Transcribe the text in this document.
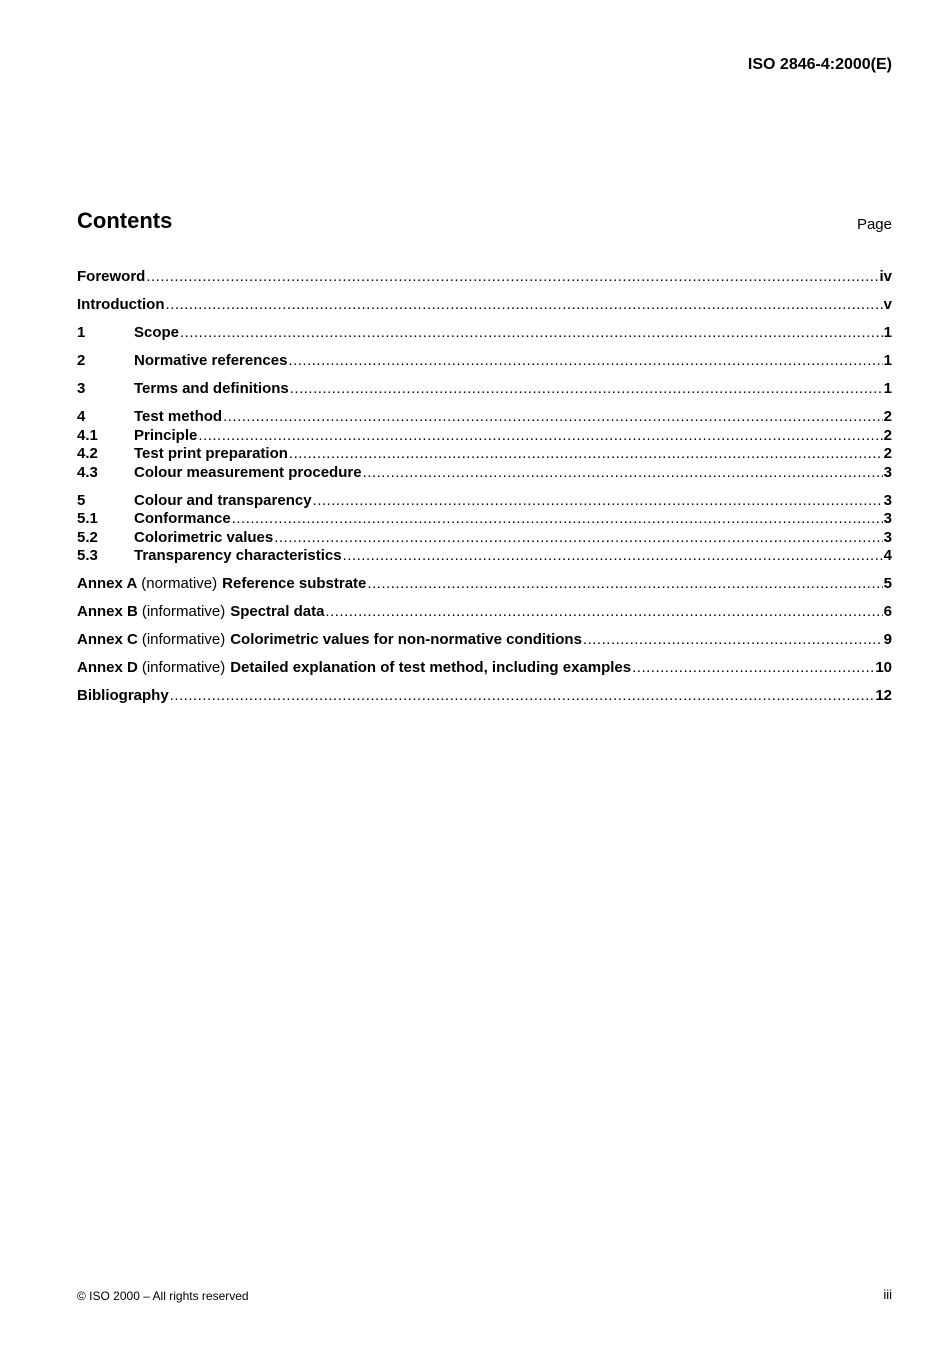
ISO 2846-4:2000(E)
Contents	Page
Foreword .....	iv
Introduction .....	v
1	Scope .....	1
2	Normative references .....	1
3	Terms and definitions .....	1
4	Test method .....	2
4.1	Principle .....	2
4.2	Test print preparation .....	2
4.3	Colour measurement procedure .....	3
5	Colour and transparency .....	3
5.1	Conformance .....	3
5.2	Colorimetric values .....	3
5.3	Transparency characteristics .....	4
Annex A (normative) Reference substrate .....	5
Annex B (informative) Spectral data .....	6
Annex C (informative) Colorimetric values for non-normative conditions .....	9
Annex D (informative) Detailed explanation of test method, including examples .....	10
Bibliography .....	12
© ISO 2000 – All rights reserved	iii
